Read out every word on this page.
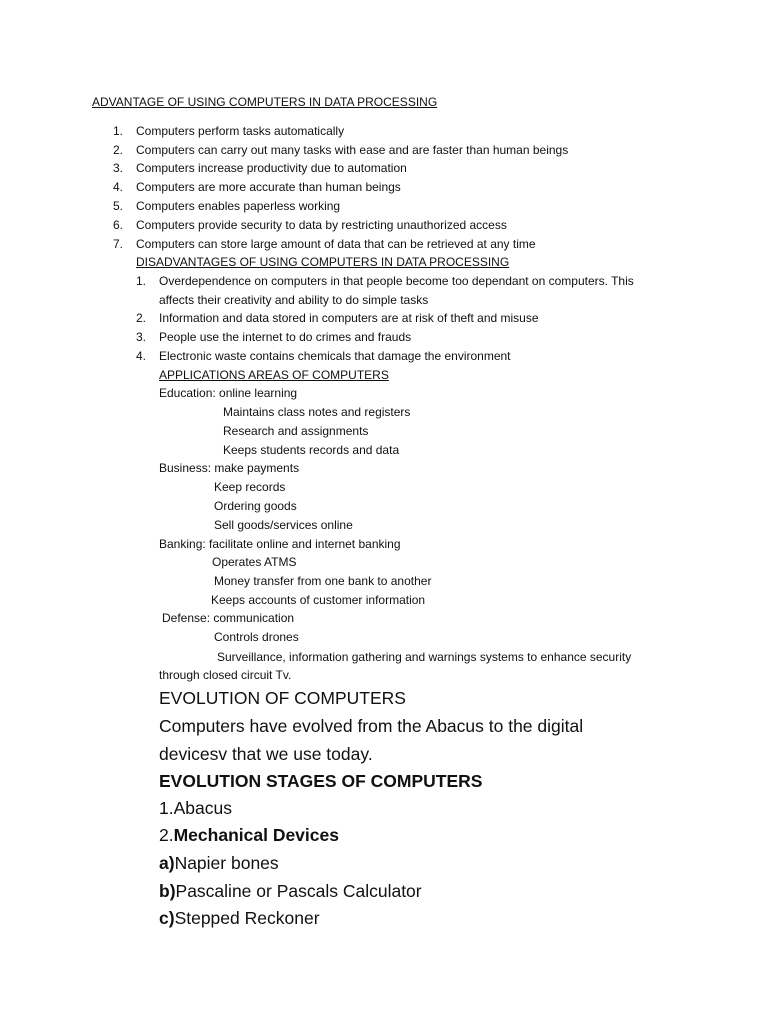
ADVANTAGE OF USING COMPUTERS IN DATA PROCESSING
1. Computers perform tasks automatically
2. Computers can carry out many tasks with ease and are faster than human beings
3. Computers increase productivity due to automation
4. Computers are more accurate than human beings
5. Computers enables paperless working
6. Computers provide security to data by restricting unauthorized access
7. Computers can store large amount of data that can be retrieved at any time
DISADVANTAGES OF USING COMPUTERS IN DATA PROCESSING
1. Overdependence on computers in that people become too dependant on computers. This
affects their creativity and ability to do simple tasks
2. Information and data stored in computers are at risk of theft and misuse
3. People use the internet to do crimes and frauds
4. Electronic waste contains chemicals that damage the environment
APPLICATIONS AREAS OF COMPUTERS
Education: online learning
Maintains class notes and registers
Research and assignments
Keeps students records and data
Business: make payments
Keep records
Ordering goods
Sell goods/services online
Banking: facilitate online and internet banking
Operates ATMS
Money transfer from one bank to another
Keeps accounts of customer information
Defense: communication
Controls drones
Surveillance, information gathering and warnings systems to enhance security
through closed circuit Tv.
EVOLUTION OF COMPUTERS
Computers have evolved from the Abacus to the digital
devicesv that we use today.
EVOLUTION STAGES OF COMPUTERS
1.Abacus
2.Mechanical Devices
a)Napier bones
b)Pascaline or Pascals Calculator
c)Stepped Reckoner
